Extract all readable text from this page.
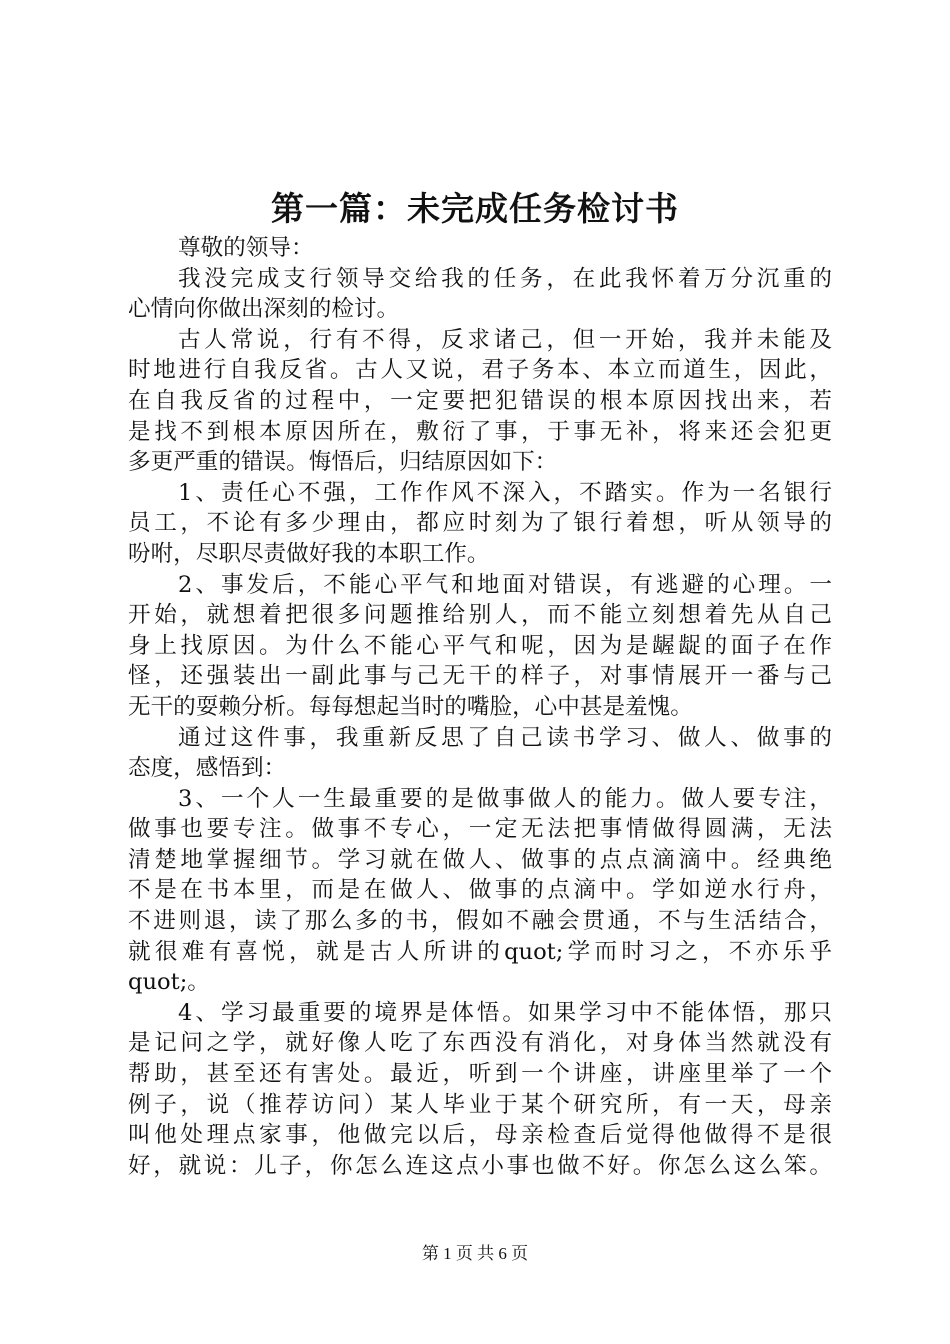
第一篇：未完成任务检讨书
尊敬的领导：
我没完成支行领导交给我的任务，在此我怀着万分沉重的
心情向你做出深刻的检讨。
古人常说，行有不得，反求诸己，但一开始，我并未能及
时地进行自我反省。古人又说，君子务本、本立而道生，因此，
在自我反省的过程中，一定要把犯错误的根本原因找出来，若
是找不到根本原因所在，敷衍了事，于事无补，将来还会犯更
多更严重的错误。悔悟后，归结原因如下：
1、责任心不强，工作作风不深入，不踏实。作为一名银行
员工，不论有多少理由，都应时刻为了银行着想，听从领导的
吩咐，尽职尽责做好我的本职工作。
2、事发后，不能心平气和地面对错误，有逃避的心理。一
开始，就想着把很多问题推给别人，而不能立刻想着先从自己
身上找原因。为什么不能心平气和呢，因为是龌龊的面子在作
怪，还强装出一副此事与己无干的样子，对事情展开一番与己
无干的耍赖分析。每每想起当时的嘴脸，心中甚是羞愧。
通过这件事，我重新反思了自己读书学习、做人、做事的
态度，感悟到：
3、一个人一生最重要的是做事做人的能力。做人要专注，
做事也要专注。做事不专心，一定无法把事情做得圆满，无法
清楚地掌握细节。学习就在做人、做事的点点滴滴中。经典绝
不是在书本里，而是在做人、做事的点滴中。学如逆水行舟，
不进则退，读了那么多的书，假如不融会贯通，不与生活结合，
就很难有喜悦，就是古人所讲的quot;学而时习之，不亦乐乎
quot;。
4、学习最重要的境界是体悟。如果学习中不能体悟，那只
是记问之学，就好像人吃了东西没有消化，对身体当然就没有
帮助，甚至还有害处。最近，听到一个讲座，讲座里举了一个
例子，说（推荐访问）某人毕业于某个研究所，有一天，母亲
叫他处理点家事，他做完以后，母亲检查后觉得他做得不是很
好，就说：儿子，你怎么连这点小事也做不好。你怎么这么笨。
第 1 页 共 6 页
